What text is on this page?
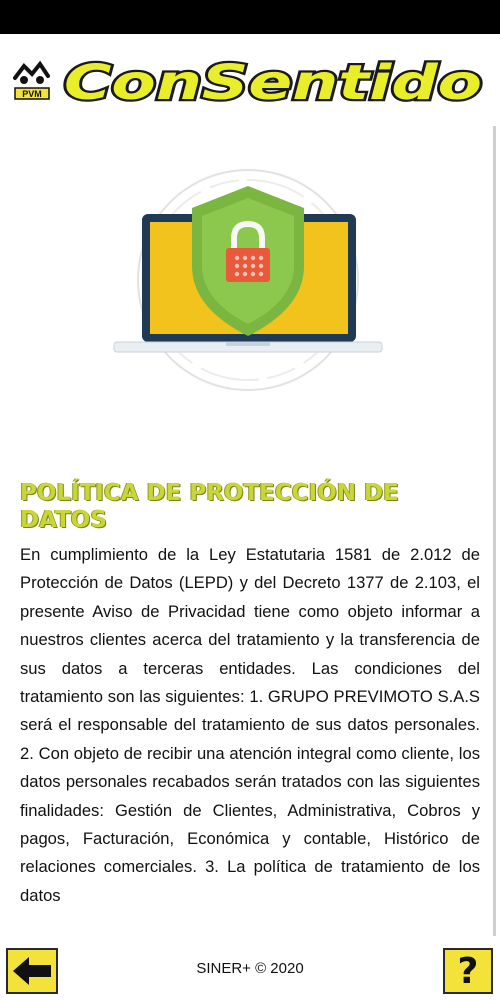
PVM ConSentido
POLÍTICA DE PROTECCIÓN DE DATOS

En cumplimiento de la Ley Estatutaria 1581 de 2.012 de Protección de Datos (LEPD) y del Decreto 1377 de 2.103, el presente Aviso de Privacidad tiene como objeto informar a nuestros clientes acerca del tratamiento y la transferencia de sus datos a terceras entidades. Las condiciones del tratamiento son las siguientes: 1. GRUPO PREVIMOTO S.A.S será el responsable del tratamiento de sus datos personales. 2. Con objeto de recibir una atención integral como cliente, los datos personales recabados serán tratados con las siguientes finalidades: Gestión de Clientes, Administrativa, Cobros y pagos, Facturación, Económica y contable, Histórico de relaciones comerciales. 3. La política de tratamiento de los datos

SINER+ © 2020	?
